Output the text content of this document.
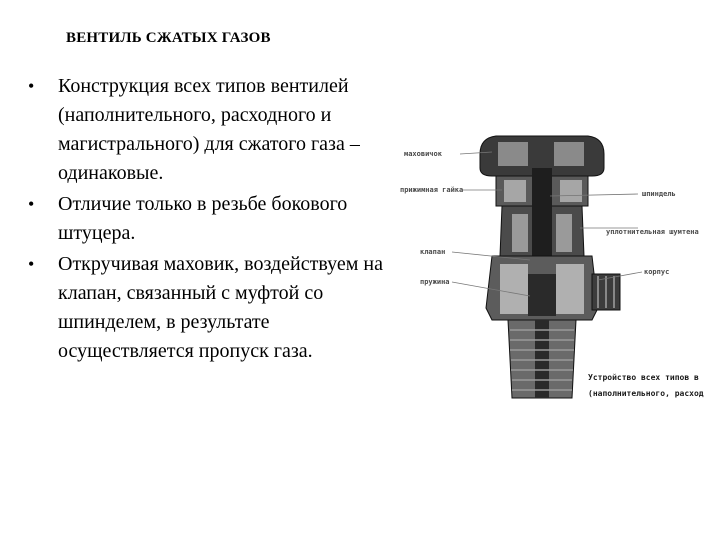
ВЕНТИЛЬ СЖАТЫХ ГАЗОВ
• Конструкция всех типов вентилей (наполнительного, расходного и магистрального) для сжатого газа – одинаковые.
• Отличие только в резьбе бокового штуцера.
• Откручивая маховик, воздействуем на клапан, связанный с муфтой со шпинделем, в результате осуществляется пропуск газа.
маховичок
прижимная гайка	шпиндель
уплотнительная шумтена
клапан
пружина
корпус
Устройство всех типов в
(наполнительного, расход
